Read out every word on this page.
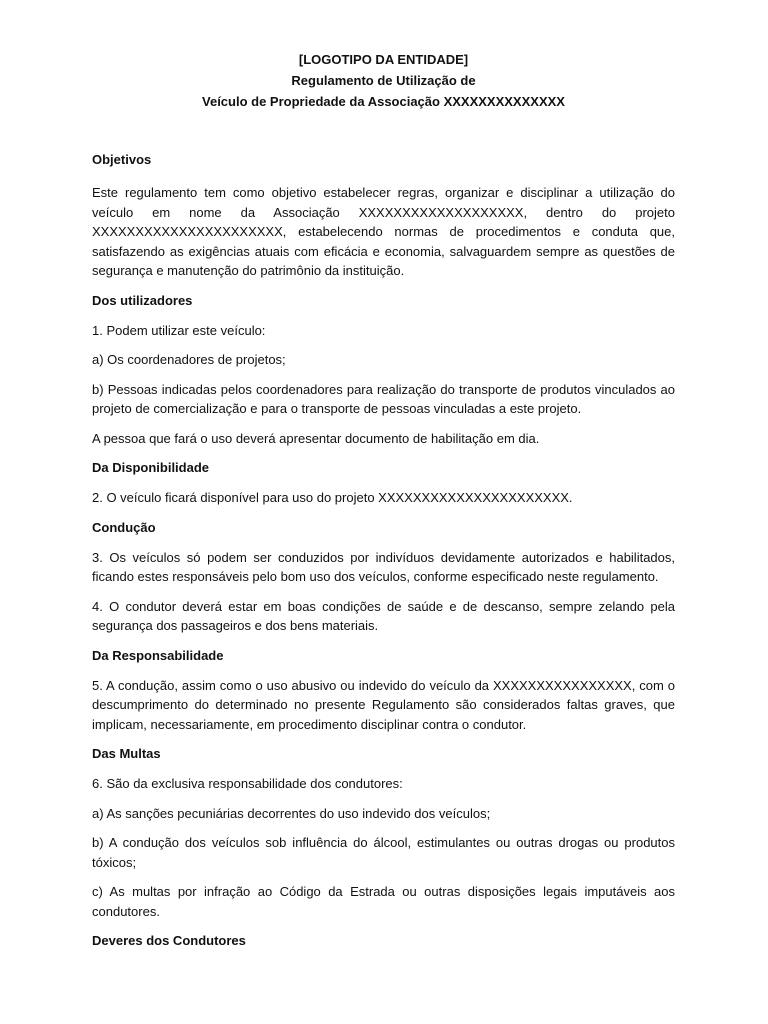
[LOGOTIPO DA ENTIDADE]
Regulamento de Utilização de
Veículo de Propriedade da Associação XXXXXXXXXXXXXX
Objetivos
Este regulamento tem como objetivo estabelecer regras, organizar e disciplinar a utilização do veículo em nome da Associação XXXXXXXXXXXXXXXXXXX, dentro do projeto XXXXXXXXXXXXXXXXXXXXXX, estabelecendo normas de procedimentos e conduta que, satisfazendo as exigências atuais com eficácia e economia, salvaguardem sempre as questões de segurança e manutenção do patrimônio da instituição.
Dos utilizadores
1. Podem utilizar este veículo:
a) Os coordenadores de projetos;
b) Pessoas indicadas pelos coordenadores para realização do transporte de produtos vinculados ao projeto de comercialização e para o transporte de pessoas vinculadas a este projeto.
A pessoa que fará o uso deverá apresentar documento de habilitação em dia.
Da Disponibilidade
2. O veículo ficará disponível para uso do projeto XXXXXXXXXXXXXXXXXXXXXX.
Condução
3. Os veículos só podem ser conduzidos por indivíduos devidamente autorizados e habilitados, ficando estes responsáveis pelo bom uso dos veículos, conforme especificado neste regulamento.
4. O condutor deverá estar em boas condições de saúde e de descanso, sempre zelando pela segurança dos passageiros e dos bens materiais.
Da Responsabilidade
5. A condução, assim como o uso abusivo ou indevido do veículo da XXXXXXXXXXXXXXXX, com o descumprimento do determinado no presente Regulamento são considerados faltas graves, que implicam, necessariamente, em procedimento disciplinar contra o condutor.
Das Multas
6. São da exclusiva responsabilidade dos condutores:
a) As sanções pecuniárias decorrentes do uso indevido dos veículos;
b) A condução dos veículos sob influência do álcool, estimulantes ou outras drogas ou produtos tóxicos;
c) As multas por infração ao Código da Estrada ou outras disposições legais imputáveis aos condutores.
Deveres dos Condutores
